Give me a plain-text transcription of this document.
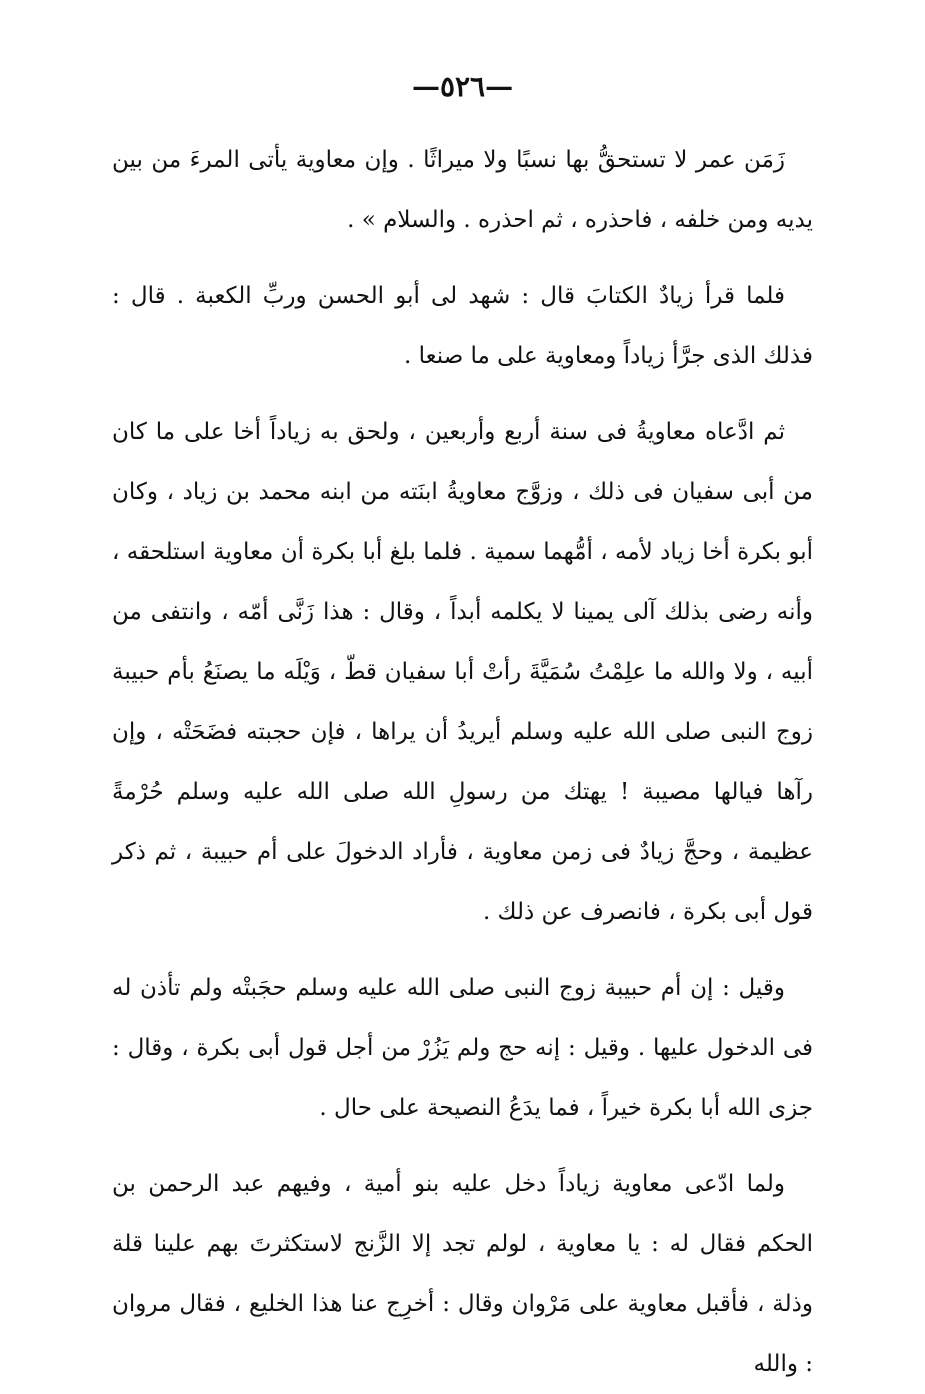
—٥٢٦—

زَمَن عمر لا تستحقُّ بها نسبًا ولا ميراثًا . وإن معاوية يأتى المرءَ من بين يديه ومن خلفه ، فاحذره ، ثم احذره . والسلام » .

فلما قرأ زيادٌ الكتابَ قال : شهد لى أبو الحسن وربِّ الكعبة . قال : فذلك الذى جرَّأ زياداً ومعاوية على ما صنعا .

ثم ادَّعاه معاويةُ فى سنة أربع وأربعين ، ولحق به زياداً أخا على ما كان من أبى سفيان فى ذلك ، وزوَّج معاويةُ ابنَته من ابنه محمد بن زياد ، وكان أبو بكرة أخا زياد لأمه ، أمُّهما سمية . فلما بلغ أبا بكرة أن معاوية استلحقه ، وأنه رضى بذلك آلى يمينا لا يكلمه أبداً ، وقال : هذا زَنَّى أمّه ، وانتفى من أبيه ، ولا والله ما علِمْتُ سُمَيَّةَ رأتْ أبا سفيان قطّ ، وَيْلَه ما يصنَعُ بأم حبيبة زوج النبى صلى الله عليه وسلم أيريدُ أن يراها ، فإن حجبته فضَحَتْه ، وإن رآها فيالها مصيبة ! يهتك من رسولِ الله صلى الله عليه وسلم حُرْمةً عظيمة ، وحجَّ زيادٌ فى زمن معاوية ، فأراد الدخولَ على أم حبيبة ، ثم ذكر قول أبى بكرة ، فانصرف عن ذلك .

وقيل : إن أم حبيبة زوج النبى صلى الله عليه وسلم حجَبتْه ولم تأذن له فى الدخول عليها . وقيل : إنه حج ولم يَزُرْ من أجل قول أبى بكرة ، وقال : جزى الله أبا بكرة خيراً ، فما يدَعُ النصيحة على حال .

ولما ادّعى معاوية زياداً دخل عليه بنو أمية ، وفيهم عبد الرحمن بن الحكم فقال له : يا معاوية ، لولم تجد إلا الزَّنج لاستكثرتَ بهم علينا قلة وذلة ، فأقبل معاوية على مَرْوان وقال : أخرِج عنا هذا الخليع ، فقال مروان : والله
